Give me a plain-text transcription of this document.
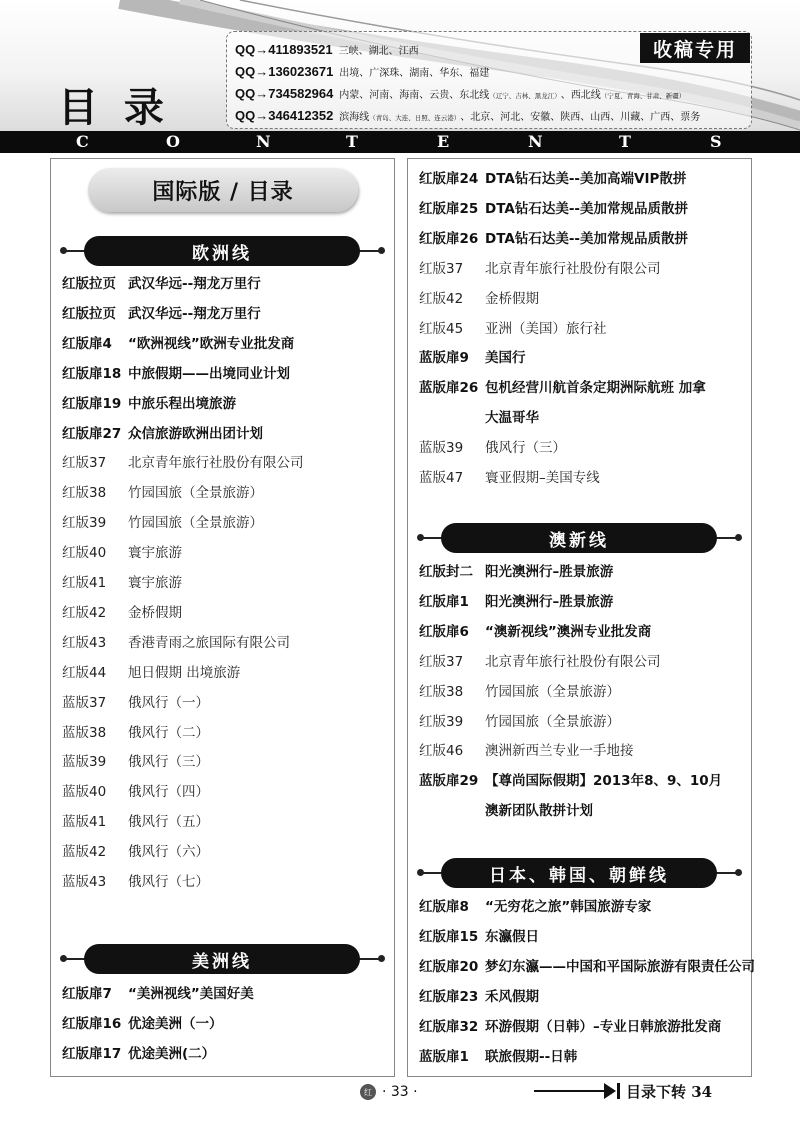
目 录
C	O	N	T	E	N	T	S
QQ→411893521 三峡、湖北、江西
QQ→136023671 出境、广深珠、湖南、华东、福建
QQ→734582964 内蒙、河南、海南、云贵、东北线 （辽宁、吉林、黑龙江） 、西北线 （宁夏、青海、甘肃、新疆）
QQ→346412352 滨海线 （青岛、大连、日照、连云港） 、北京、河北、安徽、陕西、山西、川藏、广西、票务
收稿专用
国际版 / 目录
欧洲线
美洲线
澳新线
日本、韩国、朝鲜线
红版拉页 武汉华远--翔龙万里行
红版拉页 武汉华远--翔龙万里行
红版扉4	“欧洲视线”欧洲专业批发商
红版扉18 中旅假期——出境同业计划
红版扉19 中旅乐程出境旅游
红版扉27 众信旅游欧洲出团计划
红版37	北京青年旅行社股份有限公司
红版38	竹园国旅（全景旅游）
红版39	竹园国旅（全景旅游）
红版40	寰宇旅游
红版41	寰宇旅游
红版42	金桥假期
红版43	香港青雨之旅国际有限公司
红版44	旭日假期 出境旅游
蓝版37	俄风行（一）
蓝版38	俄风行（二）
蓝版39	俄风行（三）
蓝版40	俄风行（四）
蓝版41	俄风行（五）
蓝版42	俄风行（六）
蓝版43	俄风行（七）
红版扉7	“美洲视线”美国好美
红版扉16 优途美洲（一）
红版扉17 优途美洲(二）
红版扉24 DTA钻石达美--美加高端VIP散拼
红版扉25 DTA钻石达美--美加常规品质散拼
红版扉26 DTA钻石达美--美加常规品质散拼
红版37	北京青年旅行社股份有限公司
红版42	金桥假期
红版45	亚洲（美国）旅行社
蓝版扉9	美国行
蓝版扉26 包机经营川航首条定期洲际航班 加拿
大温哥华
蓝版39	俄风行（三）
蓝版47	寰亚假期–美国专线
红版封二 阳光澳洲行–胜景旅游
红版扉1	阳光澳洲行–胜景旅游
红版扉6	“澳新视线”澳洲专业批发商
红版37	北京青年旅行社股份有限公司
红版38	竹园国旅（全景旅游）
红版39	竹园国旅（全景旅游）
红版46	澳洲新西兰专业一手地接
蓝版扉29 【尊尚国际假期】2013年8、9、10月
澳新团队散拼计划
红版扉8	“无穷花之旅”韩国旅游专家
红版扉15 东瀛假日
红版扉20 梦幻东瀛——中国和平国际旅游有限责任公司
红版扉23 禾风假期
红版扉32 环游假期（日韩）–专业日韩旅游批发商
蓝版扉1	联旅假期--日韩
红 · 33 ·	目录下转 34
